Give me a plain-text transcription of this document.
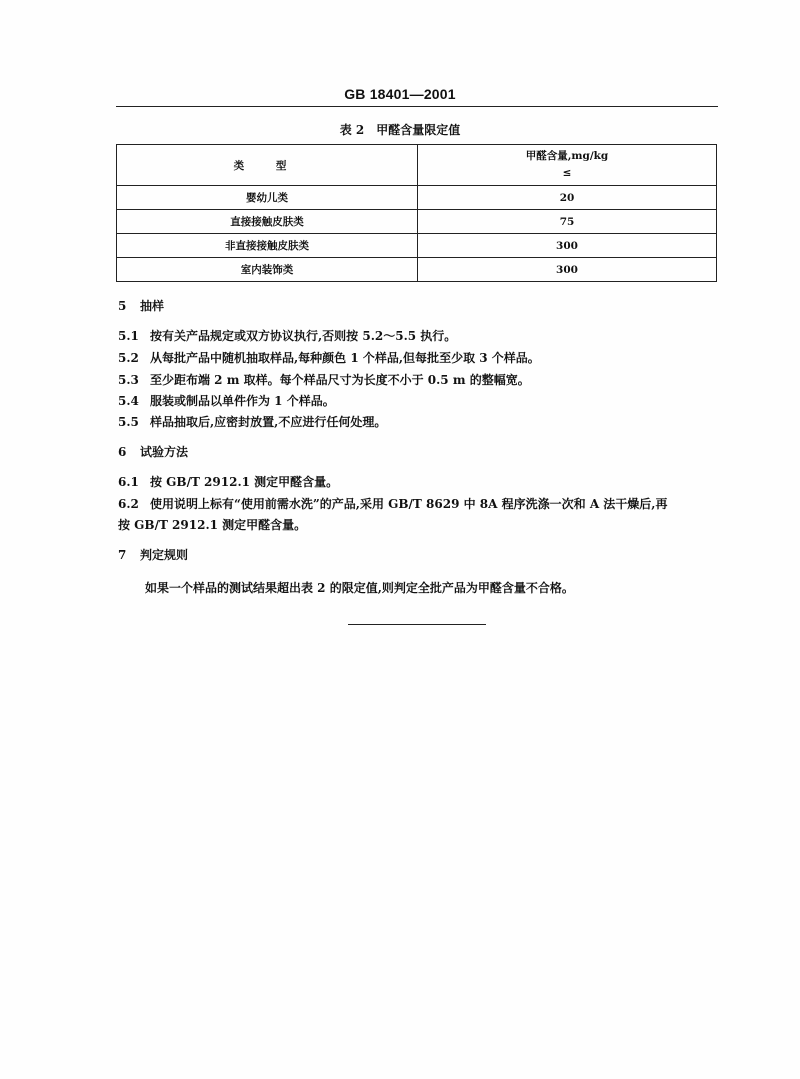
GB 18401—2001
表 2 甲醛含量限定值
类 型	甲醛含量,mg/kg
≤

婴幼儿类	20
直接接触皮肤类	75
非直接接触皮肤类	300
室内装饰类	300
5 抽样
5.1 按有关产品规定或双方协议执行,否则按 5.2～5.5 执行。
5.2 从每批产品中随机抽取样品,每种颜色 1 个样品,但每批至少取 3 个样品。
5.3 至少距布端 2 m 取样。每个样品尺寸为长度不小于 0.5 m 的整幅宽。
5.4 服装或制品以单件作为 1 个样品。
5.5 样品抽取后,应密封放置,不应进行任何处理。
6 试验方法
6.1 按 GB/T 2912.1 测定甲醛含量。
6.2 使用说明上标有“使用前需水洗”的产品,采用 GB/T 8629 中 8A 程序洗涤一次和 A 法干燥后,再
按 GB/T 2912.1 测定甲醛含量。
7 判定规则
如果一个样品的测试结果超出表 2 的限定值,则判定全批产品为甲醛含量不合格。
